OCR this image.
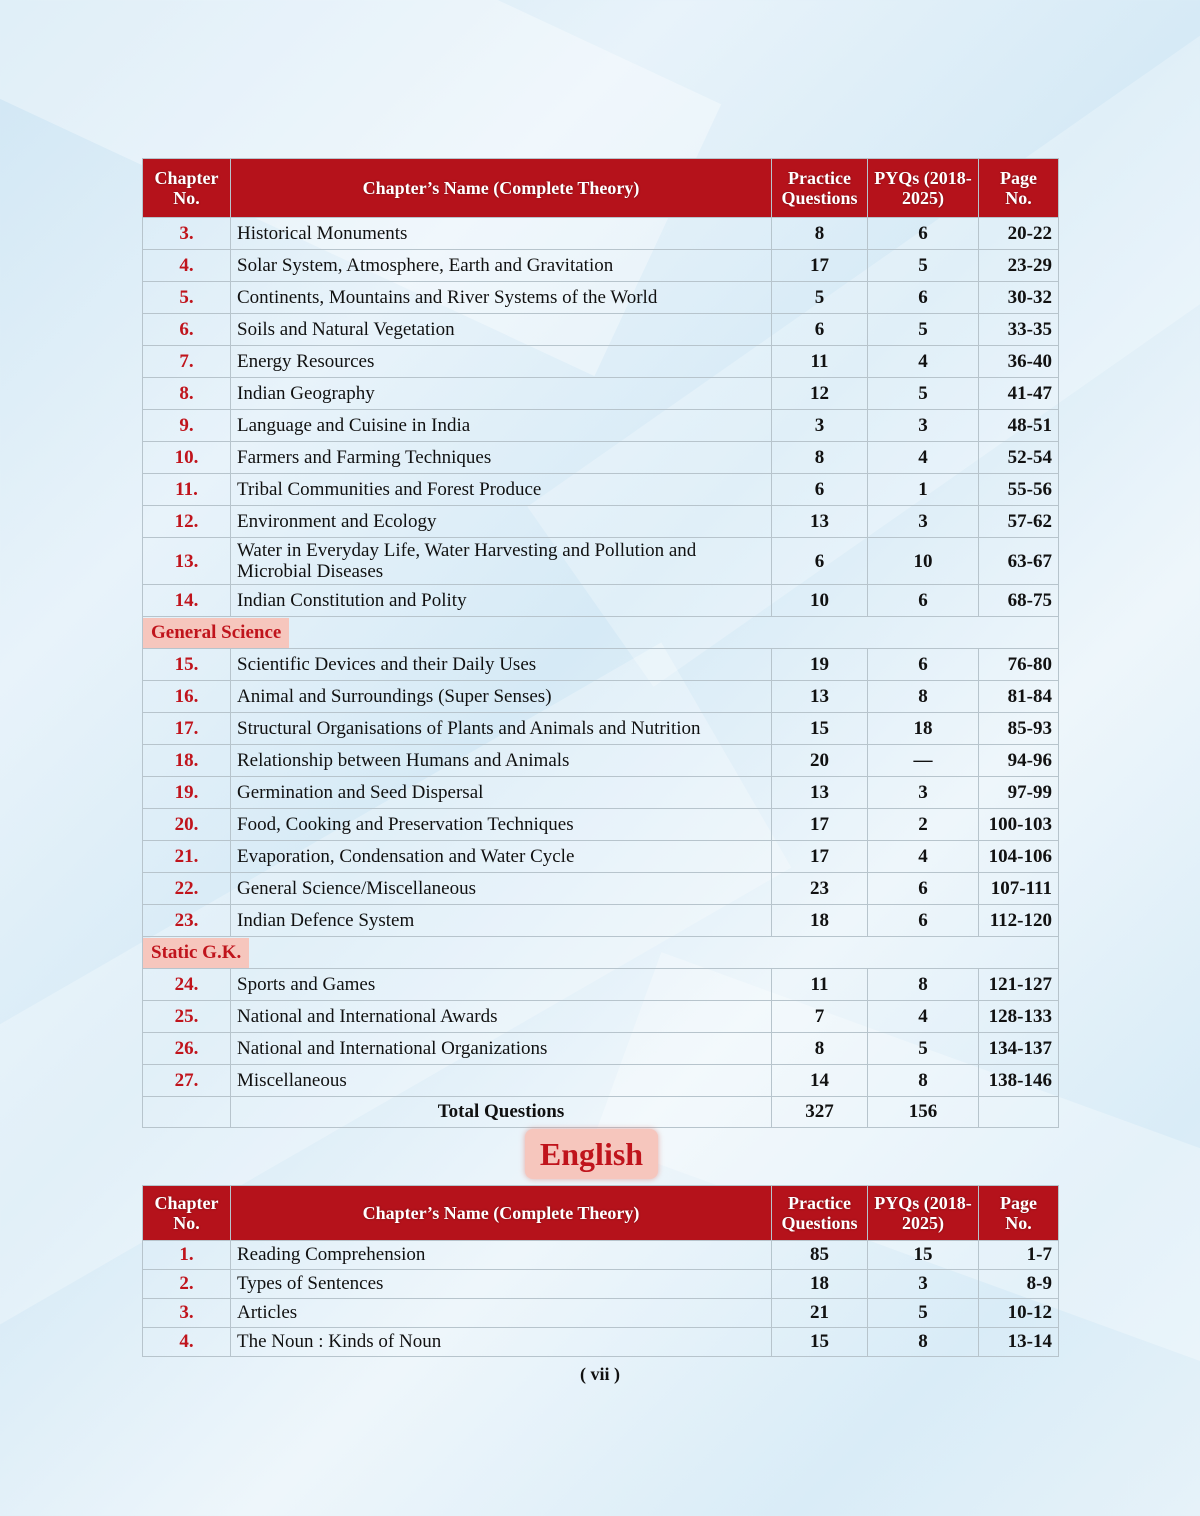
Chapter No.	Chapter’s Name (Complete Theory)	Practice Questions	PYQs (2018-2025)	Page No.
3.	Historical Monuments	8	6	20-22
4.	Solar System, Atmosphere, Earth and Gravitation	17	5	23-29
5.	Continents, Mountains and River Systems of the World	5	6	30-32
6.	Soils and Natural Vegetation	6	5	33-35
7.	Energy Resources	11	4	36-40
8.	Indian Geography	12	5	41-47
9.	Language and Cuisine in India	3	3	48-51
10.	Farmers and Farming Techniques	8	4	52-54
11.	Tribal Communities and Forest Produce	6	1	55-56
12.	Environment and Ecology	13	3	57-62
13.	Water in Everyday Life, Water Harvesting and Pollution and Microbial Diseases	6	10	63-67
14.	Indian Constitution and Polity	10	6	68-75
General Science				
15.	Scientific Devices and their Daily Uses	19	6	76-80
16.	Animal and Surroundings (Super Senses)	13	8	81-84
17.	Structural Organisations of Plants and Animals and Nutrition	15	18	85-93
18.	Relationship between Humans and Animals	20	—	94-96
19.	Germination and Seed Dispersal	13	3	97-99
20.	Food, Cooking and Preservation Techniques	17	2	100-103
21.	Evaporation, Condensation and Water Cycle	17	4	104-106
22.	General Science/Miscellaneous	23	6	107-111
23.	Indian Defence System	18	6	112-120
Static G.K.				
24.	Sports and Games	11	8	121-127
25.	National and International Awards	7	4	128-133
26.	National and International Organizations	8	5	134-137
27.	Miscellaneous	14	8	138-146
	Total Questions	327	156	
English
Chapter No.	Chapter’s Name (Complete Theory)	Practice Questions	PYQs (2018-2025)	Page No.
1.	Reading Comprehension	85	15	1-7
2.	Types of Sentences	18	3	8-9
3.	Articles	21	5	10-12
4.	The Noun : Kinds of Noun	15	8	13-14
( vii )
